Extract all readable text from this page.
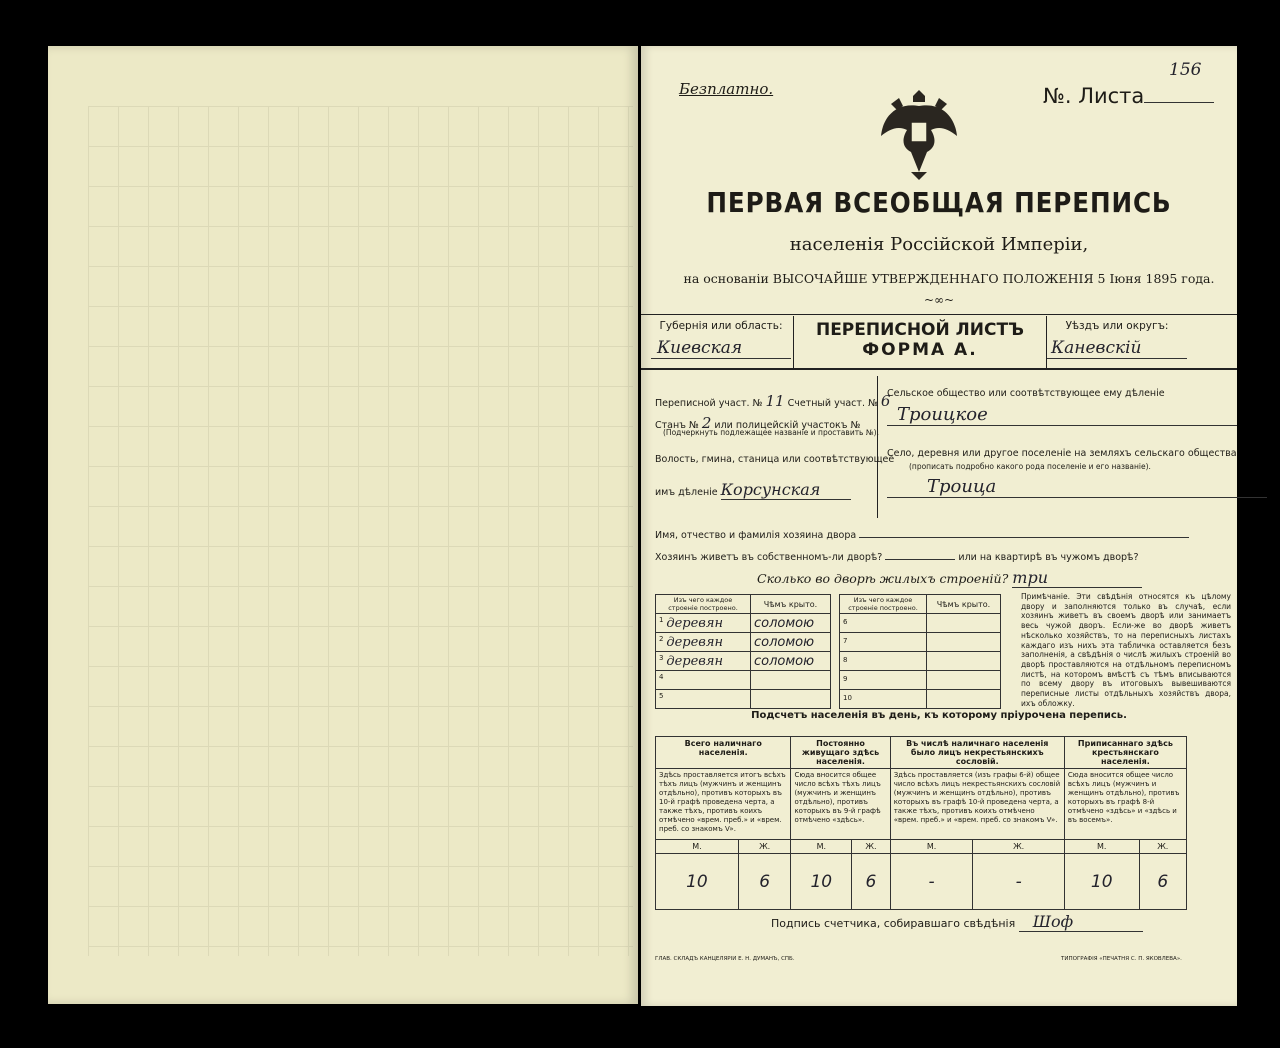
Безплатно.	№. Листа
156
ПЕРВАЯ ВСЕОБЩАЯ ПЕРЕПИСЬ
населенiя Россiйской Имперiи,
на основанiи ВЫСОЧАЙШЕ УТВЕРЖДЕННАГО ПОЛОЖЕНIЯ 5 Iюня 1895 года.
~∞~
Губернiя или область:
Киевская
ПЕРЕПИСНОЙ ЛИСТЪ
ФОРМА А.
Уѣздъ или округъ:
Каневскiй
Переписной участ. № 11 Счетный участ. № 6
Станъ № 2 или полицейскiй участокъ №
(Подчеркнуть подлежащее названiе и проставить №).
Волость, гмина, станица или соотвѣтствующее
имъ дѣленiе Корсунская
Сельское общество или соотвѣтствующее ему дѣленiе
Троицкое
Село, деревня или другое поселенiе на земляхъ сельскаго общества
(прописать подробно какого рода поселенiе и его названiе).
Троица
Имя, отчество и фамилiя хозяина двора
Хозяинъ живетъ въ собственномъ-ли дворѣ?	или на квартирѣ въ чужомъ дворѣ?
Сколько во дворѣ жилыхъ строенiй? три
Изъ чего каждое строенiе построено.	Чѣмъ крыто.
$^1$ деревян	соломою
$^2$ деревян	соломою
$^3$ деревян	соломою
$^4$	
$^5$	
Изъ чего каждое строенiе построено.	Чѣмъ крыто.
$^6$	
$^7$	
$^8$	
$^9$	
$^{10}$	
Примѣчанiе. Эти свѣдѣнiя относятся къ цѣлому двору и заполняются только въ случаѣ, если хозяинъ живетъ въ своемъ дворѣ или занимаетъ весь чужой дворъ. Если-же во дворѣ живетъ нѣсколько хозяйствъ, то на переписныхъ листахъ каждаго изъ нихъ эта табличка оставляется безъ заполненiя, а свѣдѣнiя о числѣ жилыхъ строенiй во дворѣ проставляются на отдѣльномъ переписномъ листѣ, на которомъ вмѣстѣ съ тѣмъ вписываются по всему двору въ итоговыхъ вывешиваются переписные листы отдѣльныхъ хозяйствъ двора, ихъ обложку.
Подсчетъ населенiя въ день, къ которому прiурочена перепись.
Всего наличнаго населенiя.		Постоянно живущаго здѣсь населенiя.		Въ числѣ наличнаго населенiя было лицъ некрестьянскихъ сословiй.		Приписаннаго здѣсь крестьянскаго населенiя.	
Здѣсь проставляется итогъ всѣхъ тѣхъ лицъ (мужчинъ и женщинъ отдѣльно), противъ которыхъ въ 10-й графѣ проведена черта, а также тѣхъ, противъ коихъ отмѣчено «врем. преб.» и «врем. преб. со знакомъ V».		Сюда вносится общее число всѣхъ тѣхъ лицъ (мужчинъ и женщинъ отдѣльно), противъ которыхъ въ 9-й графѣ отмѣчено «здѣсь».		Здѣсь проставляется (изъ графы 6-й) общее число всѣхъ лицъ некрестьянскихъ сословiй (мужчинъ и женщинъ отдѣльно), противъ которыхъ въ графѣ 10-й проведена черта, а также тѣхъ, противъ коихъ отмѣчено «врем. преб.» и «врем. преб. со знакомъ V».		Сюда вносится общее число всѣхъ лицъ (мужчинъ и женщинъ отдѣльно), противъ которыхъ въ графѣ 8-й отмѣчено «здѣсь» и «здѣсь и въ восемъ».	
М.	Ж.	М.	Ж.	М.	Ж.	М.	Ж.
10	6	10	6	-	-	10	6
Подпись счетчика, собиравшаго свѣдѣнiя Шоф
ГЛАВ. СКЛАДЪ КАНЦЕЛЯРIИ Е. Н. ДУМАНЪ, СПБ.	ТИПОГРАФIЯ «ПЕЧАТНЯ С. П. ЯКОВЛЕВА».
